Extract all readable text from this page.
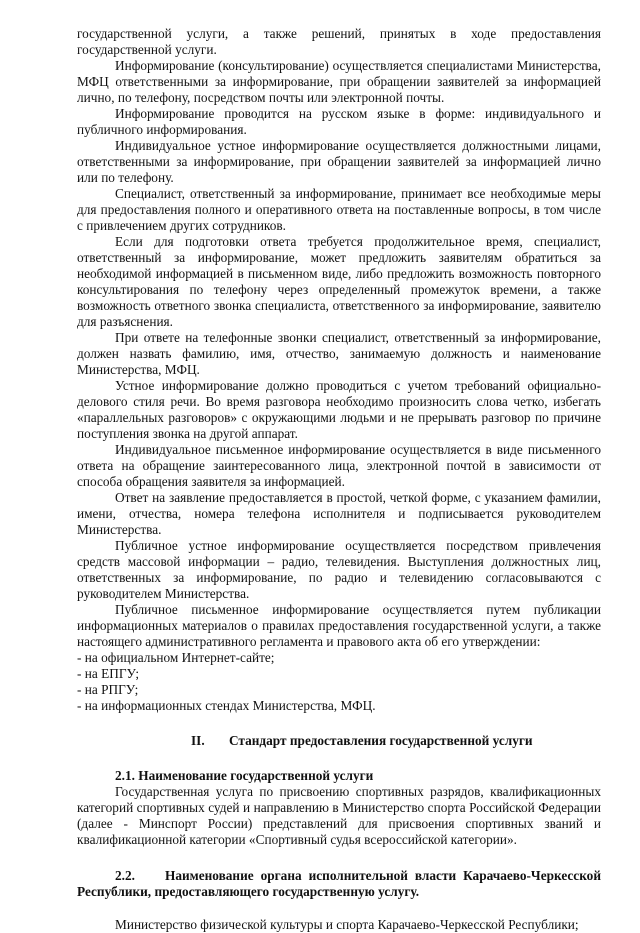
государственной услуги, а также решений, принятых в ходе предоставления государственной услуги.

Информирование (консультирование) осуществляется специалистами Министерства, МФЦ ответственными за информирование, при обращении заявителей за информацией лично, по телефону, посредством почты или электронной почты.

Информирование проводится на русском языке в форме: индивидуального и публичного информирования.

Индивидуальное устное информирование осуществляется должностными лицами, ответственными за информирование, при обращении заявителей за информацией лично или по телефону.

Специалист, ответственный за информирование, принимает все необходимые меры для предоставления полного и оперативного ответа на поставленные вопросы, в том числе с привлечением других сотрудников.

Если для подготовки ответа требуется продолжительное время, специалист, ответственный за информирование, может предложить заявителям обратиться за необходимой информацией в письменном виде, либо предложить возможность повторного консультирования по телефону через определенный промежуток времени, а также возможность ответного звонка специалиста, ответственного за информирование, заявителю для разъяснения.

При ответе на телефонные звонки специалист, ответственный за информирование, должен назвать фамилию, имя, отчество, занимаемую должность и наименование Министерства, МФЦ.

Устное информирование должно проводиться с учетом требований официально-делового стиля речи. Во время разговора необходимо произносить слова четко, избегать «параллельных разговоров» с окружающими людьми и не прерывать разговор по причине поступления звонка на другой аппарат.

Индивидуальное письменное информирование осуществляется в виде письменного ответа на обращение заинтересованного лица, электронной почтой в зависимости от способа обращения заявителя за информацией.

Ответ на заявление предоставляется в простой, четкой форме, с указанием фамилии, имени, отчества, номера телефона исполнителя и подписывается руководителем Министерства.

Публичное устное информирование осуществляется посредством привлечения средств массовой информации – радио, телевидения. Выступления должностных лиц, ответственных за информирование, по радио и телевидению согласовываются с руководителем Министерства.

Публичное письменное информирование осуществляется путем публикации информационных материалов о правилах предоставления государственной услуги, а также настоящего административного регламента и правового акта об его утверждении:

- на официальном Интернет-сайте;

- на ЕПГУ;

- на РПГУ;

- на информационных стендах Министерства, МФЦ.

II. Стандарт предоставления государственной услуги

2.1. Наименование государственной услуги

Государственная услуга по присвоению спортивных разрядов, квалификационных категорий спортивных судей и направлению в Министерство спорта Российской Федерации (далее - Минспорт России) представлений для присвоения спортивных званий и квалификационной категории «Спортивный судья всероссийской категории».

2.2. Наименование органа исполнительной власти Карачаево-Черкесской Республики, предоставляющего государственную услугу.

Министерство физической культуры и спорта Карачаево-Черкесской Республики;
